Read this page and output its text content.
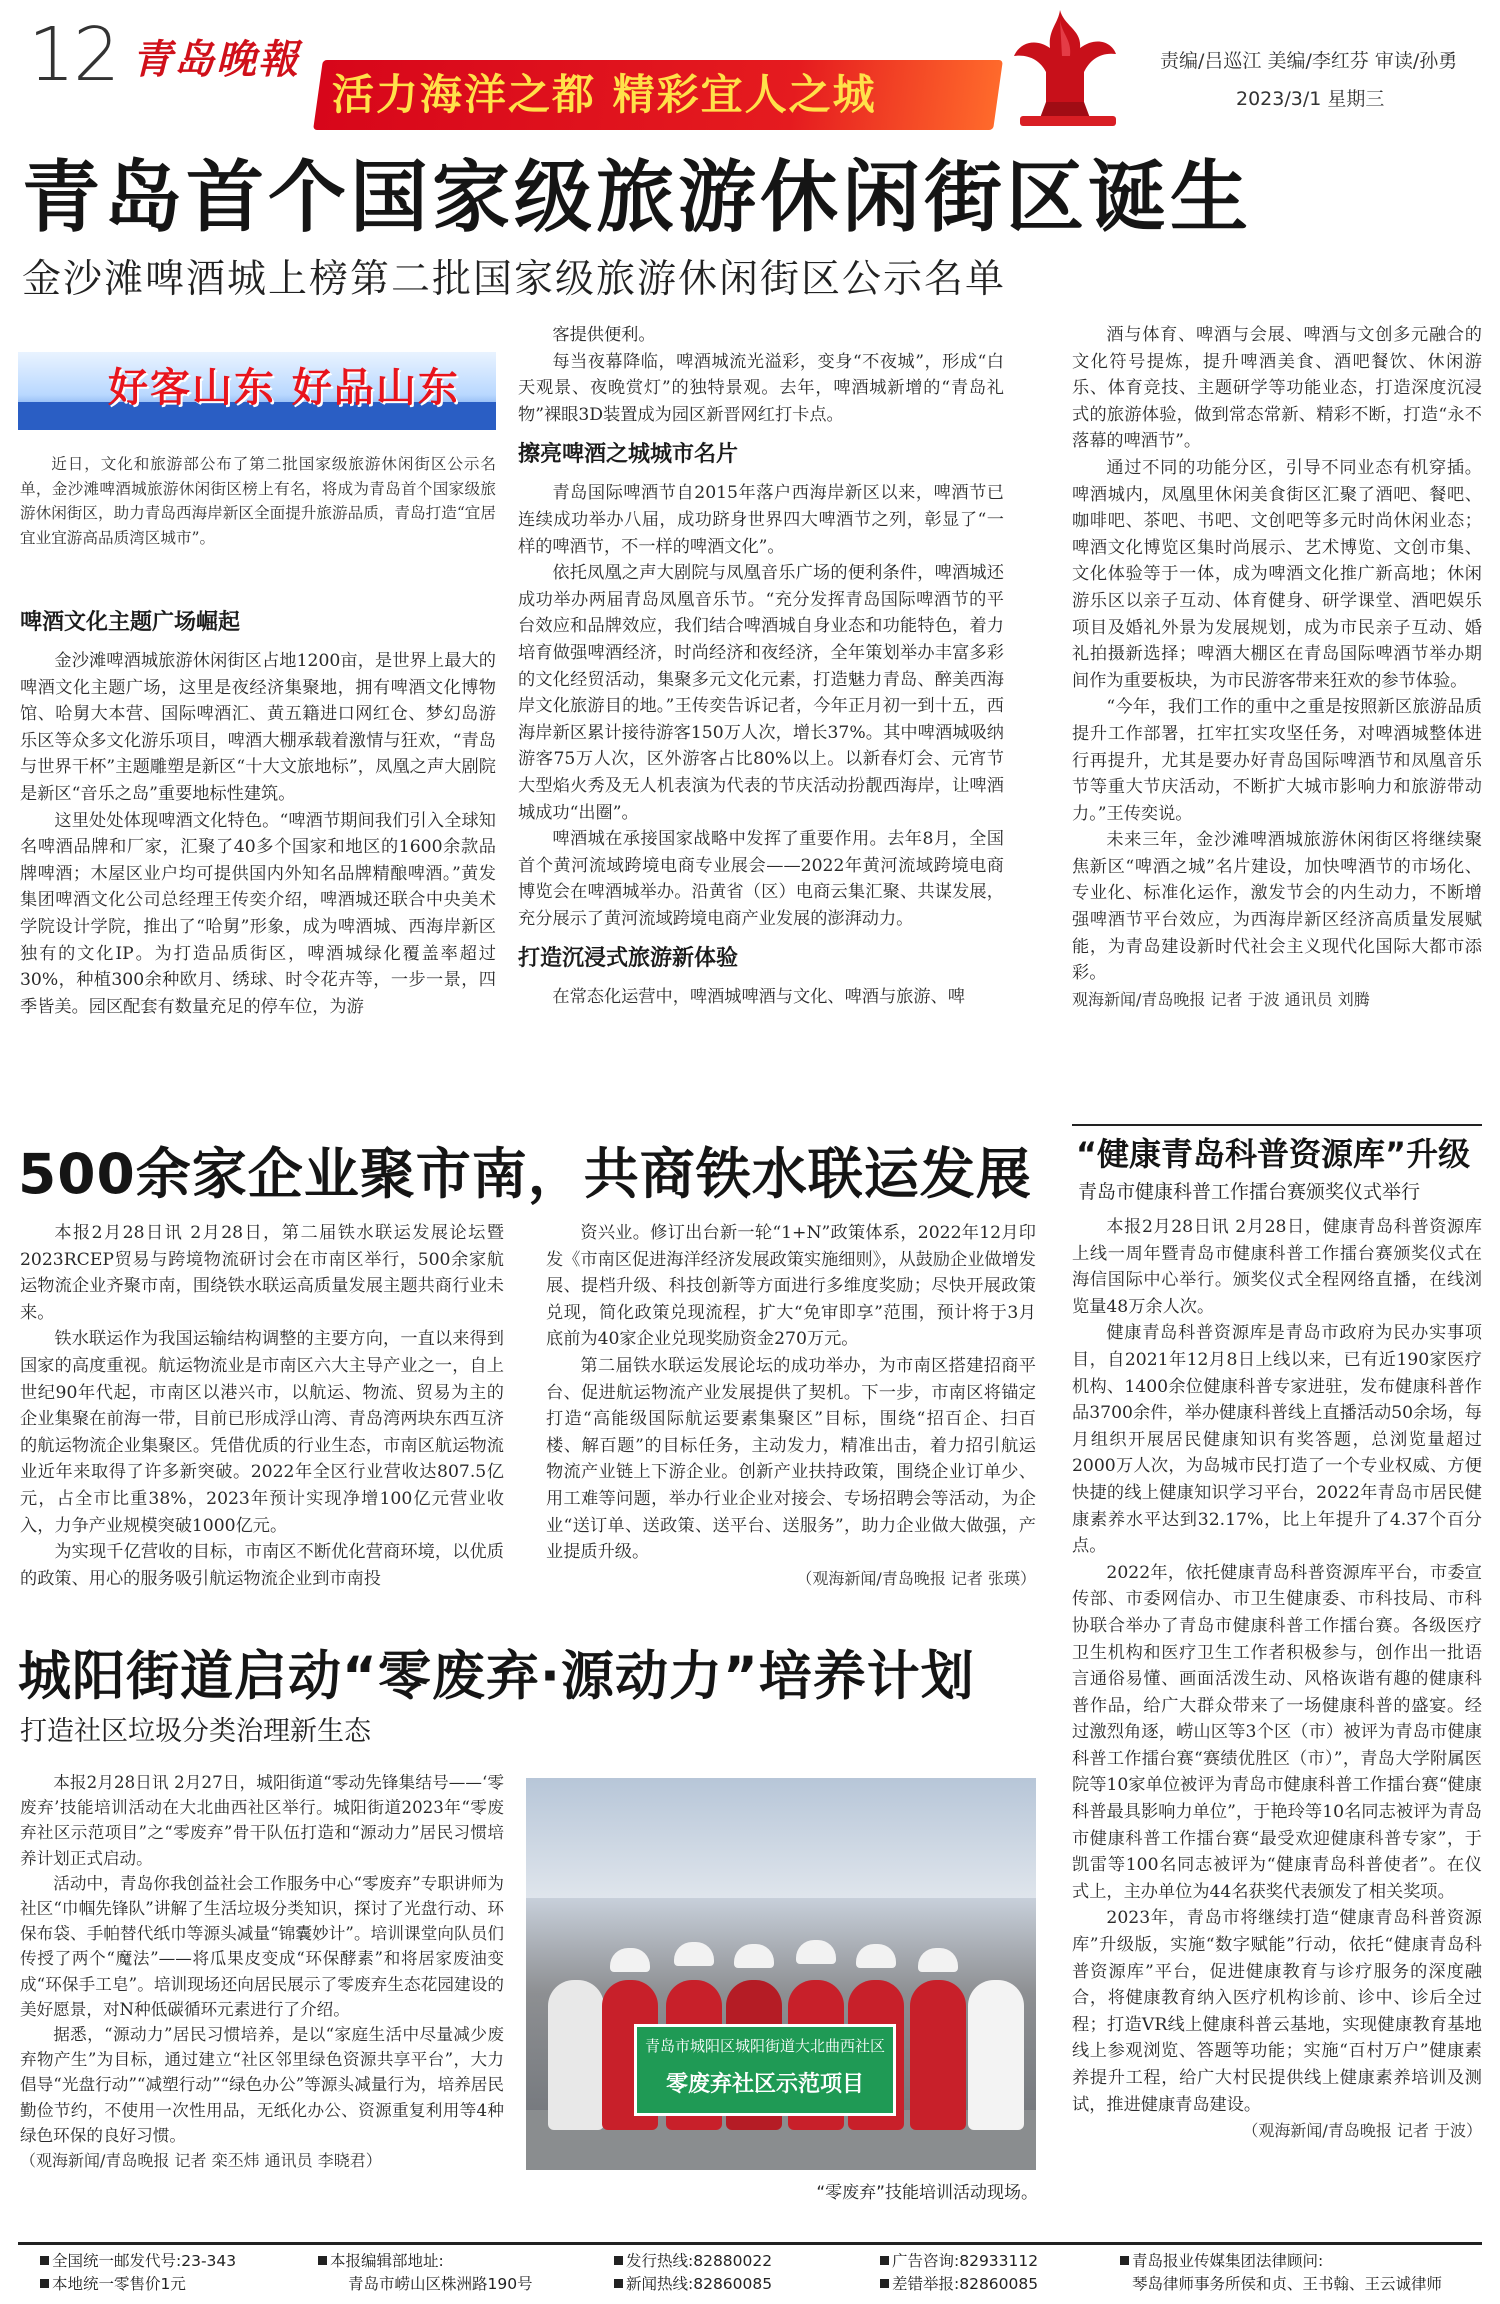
12 青岛晚報
活力海洋之都 精彩宜人之城
责编/吕巡江 美编/李红芬 审读/孙勇
2023/3/1 星期三
青岛首个国家级旅游休闲街区诞生
金沙滩啤酒城上榜第二批国家级旅游休闲街区公示名单
好客山东 好品山东

近日，文化和旅游部公布了第二批国家级旅游休闲街区公示名单，金沙滩啤酒城旅游休闲街区榜上有名，将成为青岛首个国家级旅游休闲街区，助力青岛西海岸新区全面提升旅游品质，青岛打造“宜居宜业宜游高品质湾区城市”。

啤酒文化主题广场崛起

金沙滩啤酒城旅游休闲街区占地1200亩，是世界上最大的啤酒文化主题广场，这里是夜经济集聚地，拥有啤酒文化博物馆、哈舅大本营、国际啤酒汇、黄五籍进口网红仓、梦幻岛游乐区等众多文化游乐项目，啤酒大棚承载着激情与狂欢，“青岛与世界干杯”主题雕塑是新区“十大文旅地标”，凤凰之声大剧院是新区“音乐之岛”重要地标性建筑。

这里处处体现啤酒文化特色。“啤酒节期间我们引入全球知名啤酒品牌和厂家，汇聚了40多个国家和地区的1600余款品牌啤酒；木屋区业户均可提供国内外知名品牌精酿啤酒。”黄发集团啤酒文化公司总经理王传奕介绍，啤酒城还联合中央美术学院设计学院，推出了“哈舅”形象，成为啤酒城、西海岸新区独有的文化IP。为打造品质街区，啤酒城绿化覆盖率超过30%，种植300余种欧月、绣球、时令花卉等，一步一景，四季皆美。园区配套有数量充足的停车位，为游

客提供便利。

每当夜幕降临，啤酒城流光溢彩，变身“不夜城”，形成“白天观景、夜晚赏灯”的独特景观。去年，啤酒城新增的“青岛礼物”裸眼3D装置成为园区新晋网红打卡点。

擦亮啤酒之城城市名片

青岛国际啤酒节自2015年落户西海岸新区以来，啤酒节已连续成功举办八届，成功跻身世界四大啤酒节之列，彰显了“一样的啤酒节，不一样的啤酒文化”。

依托凤凰之声大剧院与凤凰音乐广场的便利条件，啤酒城还成功举办两届青岛凤凰音乐节。“充分发挥青岛国际啤酒节的平台效应和品牌效应，我们结合啤酒城自身业态和功能特色，着力培育做强啤酒经济，时尚经济和夜经济，全年策划举办丰富多彩的文化经贸活动，集聚多元文化元素，打造魅力青岛、醉美西海岸文化旅游目的地。”王传奕告诉记者，今年正月初一到十五，西海岸新区累计接待游客150万人次，增长37%。其中啤酒城吸纳游客75万人次，区外游客占比80%以上。以新春灯会、元宵节大型焰火秀及无人机表演为代表的节庆活动扮靓西海岸，让啤酒城成功“出圈”。

啤酒城在承接国家战略中发挥了重要作用。去年8月，全国首个黄河流域跨境电商专业展会——2022年黄河流域跨境电商博览会在啤酒城举办。沿黄省（区）电商云集汇聚、共谋发展，充分展示了黄河流域跨境电商产业发展的澎湃动力。

打造沉浸式旅游新体验

在常态化运营中，啤酒城啤酒与文化、啤酒与旅游、啤

酒与体育、啤酒与会展、啤酒与文创多元融合的文化符号提炼，提升啤酒美食、酒吧餐饮、休闲游乐、体育竞技、主题研学等功能业态，打造深度沉浸式的旅游体验，做到常态常新、精彩不断，打造“永不落幕的啤酒节”。

通过不同的功能分区，引导不同业态有机穿插。啤酒城内，凤凰里休闲美食街区汇聚了酒吧、餐吧、咖啡吧、茶吧、书吧、文创吧等多元时尚休闲业态；啤酒文化博览区集时尚展示、艺术博览、文创市集、文化体验等于一体，成为啤酒文化推广新高地；休闲游乐区以亲子互动、体育健身、研学课堂、酒吧娱乐项目及婚礼外景为发展规划，成为市民亲子互动、婚礼拍摄新选择；啤酒大棚区在青岛国际啤酒节举办期间作为重要板块，为市民游客带来狂欢的参节体验。

“今年，我们工作的重中之重是按照新区旅游品质提升工作部署，扛牢扛实攻坚任务，对啤酒城整体进行再提升，尤其是要办好青岛国际啤酒节和凤凰音乐节等重大节庆活动，不断扩大城市影响力和旅游带动力。”王传奕说。

未来三年，金沙滩啤酒城旅游休闲街区将继续聚焦新区“啤酒之城”名片建设，加快啤酒节的市场化、专业化、标准化运作，激发节会的内生动力，不断增强啤酒节平台效应，为西海岸新区经济高质量发展赋能，为青岛建设新时代社会主义现代化国际大都市添彩。

观海新闻/青岛晚报 记者 于波 通讯员 刘腾

500余家企业聚市南，共商铁水联运发展

本报2月28日讯 2月28日，第二届铁水联运发展论坛暨2023RCEP贸易与跨境物流研讨会在市南区举行，500余家航运物流企业齐聚市南，围绕铁水联运高质量发展主题共商行业未来。

铁水联运作为我国运输结构调整的主要方向，一直以来得到国家的高度重视。航运物流业是市南区六大主导产业之一，自上世纪90年代起，市南区以港兴市，以航运、物流、贸易为主的企业集聚在前海一带，目前已形成浮山湾、青岛湾两块东西互济的航运物流企业集聚区。凭借优质的行业生态，市南区航运物流业近年来取得了许多新突破。2022年全区行业营收达807.5亿元，占全市比重38%，2023年预计实现净增100亿元营业收入，力争产业规模突破1000亿元。

为实现千亿营收的目标，市南区不断优化营商环境，以优质的政策、用心的服务吸引航运物流企业到市南投

资兴业。修订出台新一轮“1+N”政策体系，2022年12月印发《市南区促进海洋经济发展政策实施细则》，从鼓励企业做增发展、提档升级、科技创新等方面进行多维度奖励；尽快开展政策兑现，简化政策兑现流程，扩大“免审即享”范围，预计将于3月底前为40家企业兑现奖励资金270万元。

第二届铁水联运发展论坛的成功举办，为市南区搭建招商平台、促进航运物流产业发展提供了契机。下一步，市南区将锚定打造“高能级国际航运要素集聚区”目标，围绕“招百企、扫百楼、解百题”的目标任务，主动发力，精准出击，着力招引航运物流产业链上下游企业。创新产业扶持政策，围绕企业订单少、用工难等问题，举办行业企业对接会、专场招聘会等活动，为企业“送订单、送政策、送平台、送服务”，助力企业做大做强，产业提质升级。

（观海新闻/青岛晚报 记者 张瑛）

“健康青岛科普资源库”升级
青岛市健康科普工作擂台赛颁奖仪式举行

本报2月28日讯 2月28日，健康青岛科普资源库上线一周年暨青岛市健康科普工作擂台赛颁奖仪式在海信国际中心举行。颁奖仪式全程网络直播，在线浏览量48万余人次。

健康青岛科普资源库是青岛市政府为民办实事项目，自2021年12月8日上线以来，已有近190家医疗机构、1400余位健康科普专家进驻，发布健康科普作品3700余件，举办健康科普线上直播活动50余场，每月组织开展居民健康知识有奖答题，总浏览量超过2000万人次，为岛城市民打造了一个专业权威、方便快捷的线上健康知识学习平台，2022年青岛市居民健康素养水平达到32.17%，比上年提升了4.37个百分点。

2022年，依托健康青岛科普资源库平台，市委宣传部、市委网信办、市卫生健康委、市科技局、市科协联合举办了青岛市健康科普工作擂台赛。各级医疗卫生机构和医疗卫生工作者积极参与，创作出一批语言通俗易懂、画面活泼生动、风格诙谐有趣的健康科普作品，给广大群众带来了一场健康科普的盛宴。经过激烈角逐，崂山区等3个区（市）被评为青岛市健康科普工作擂台赛“赛绩优胜区（市）”，青岛大学附属医院等10家单位被评为青岛市健康科普工作擂台赛“健康科普最具影响力单位”，于艳玲等10名同志被评为青岛市健康科普工作擂台赛“最受欢迎健康科普专家”，于凯雷等100名同志被评为“健康青岛科普使者”。在仪式上，主办单位为44名获奖代表颁发了相关奖项。

2023年，青岛市将继续打造“健康青岛科普资源库”升级版，实施“数字赋能”行动，依托“健康青岛科普资源库”平台，促进健康教育与诊疗服务的深度融合，将健康教育纳入医疗机构诊前、诊中、诊后全过程；打造VR线上健康科普云基地，实现健康教育基地线上参观浏览、答题等功能；实施“百村万户”健康素养提升工程，给广大村民提供线上健康素养培训及测试，推进健康青岛建设。

（观海新闻/青岛晚报 记者 于波）

城阳街道启动“零废弃·源动力”培养计划
打造社区垃圾分类治理新生态

本报2月28日讯 2月27日，城阳街道“零动先锋集结号——‘零废弃’技能培训活动在大北曲西社区举行。城阳街道2023年“零废弃社区示范项目”之“零废弃”骨干队伍打造和“源动力”居民习惯培养计划正式启动。

活动中，青岛你我创益社会工作服务中心“零废弃”专职讲师为社区“巾帼先锋队”讲解了生活垃圾分类知识，探讨了光盘行动、环保布袋、手帕替代纸巾等源头减量“锦囊妙计”。培训课堂向队员们传授了两个“魔法”——将瓜果皮变成“环保酵素”和将居家废油变成“环保手工皂”。培训现场还向居民展示了零废弃生态花园建设的美好愿景，对N种低碳循环元素进行了介绍。

据悉，“源动力”居民习惯培养，是以“家庭生活中尽量减少废弃物产生”为目标，通过建立“社区邻里绿色资源共享平台”，大力倡导“光盘行动”“减塑行动”“绿色办公”等源头减量行为，培养居民勤俭节约，不使用一次性用品，无纸化办公、资源重复利用等4种绿色环保的良好习惯。

（观海新闻/青岛晚报 记者 栾丕炜 通讯员 李晓君）

青岛市城阳区城阳街道大北曲西社区
零废弃社区示范项目
“零废弃”技能培训活动现场。
全国统一邮发代号:23-343
本地统一零售价1元
本报编辑部地址:
青岛市崂山区株洲路190号
发行热线:82880022
新闻热线:82860085
广告咨询:82933112
差错举报:82860085
青岛报业传媒集团法律顾问:
琴岛律师事务所侯和贞、王书翰、王云诚律师
